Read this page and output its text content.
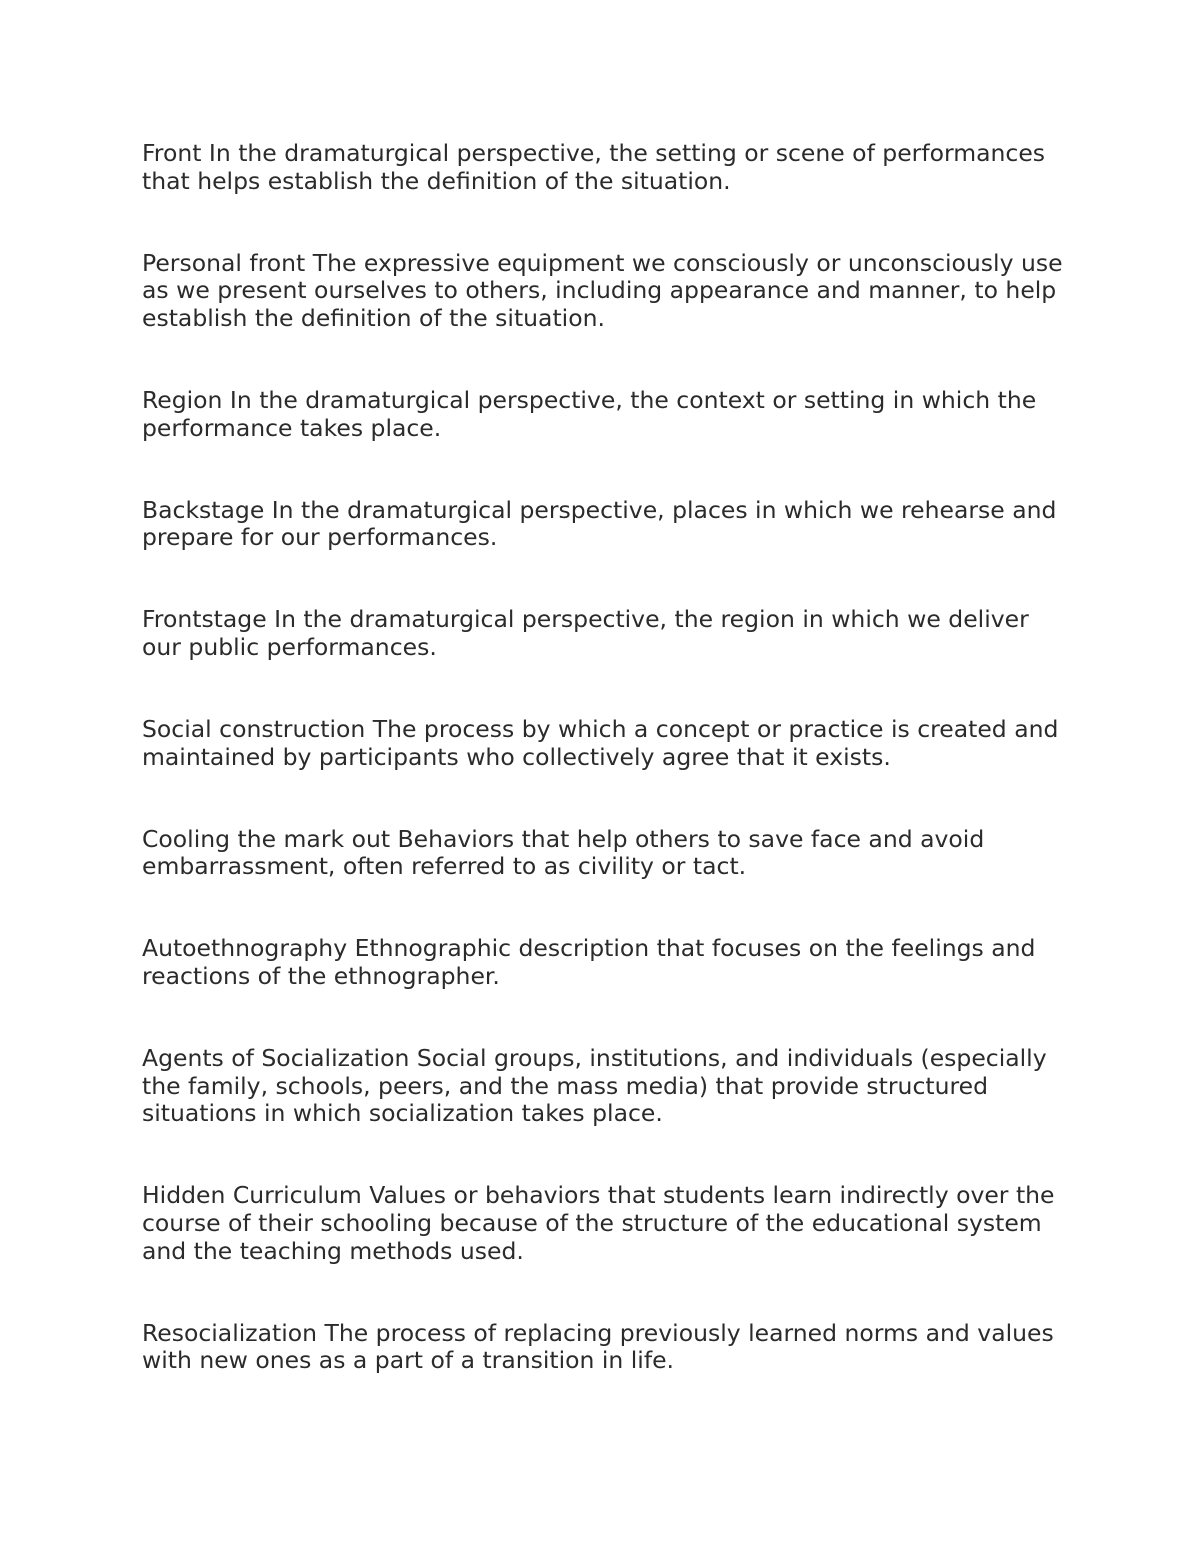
Front In the dramaturgical perspective, the setting or scene of performances that helps establish the definition of the situation.

Personal front The expressive equipment we consciously or unconsciously use as we present ourselves to others, including appearance and manner, to help establish the definition of the situation.

Region In the dramaturgical perspective, the context or setting in which the performance takes place.

Backstage In the dramaturgical perspective, places in which we rehearse and prepare for our performances.

Frontstage In the dramaturgical perspective, the region in which we deliver our public performances.

Social construction The process by which a concept or practice is created and maintained by participants who collectively agree that it exists.

Cooling the mark out Behaviors that help others to save face and avoid embarrassment, often referred to as civility or tact.

Autoethnography Ethnographic description that focuses on the feelings and reactions of the ethnographer.

Agents of Socialization Social groups, institutions, and individuals (especially the family, schools, peers, and the mass media) that provide structured situations in which socialization takes place.

Hidden Curriculum Values or behaviors that students learn indirectly over the course of their schooling because of the structure of the educational system and the teaching methods used.

Resocialization The process of replacing previously learned norms and values with new ones as a part of a transition in life.
